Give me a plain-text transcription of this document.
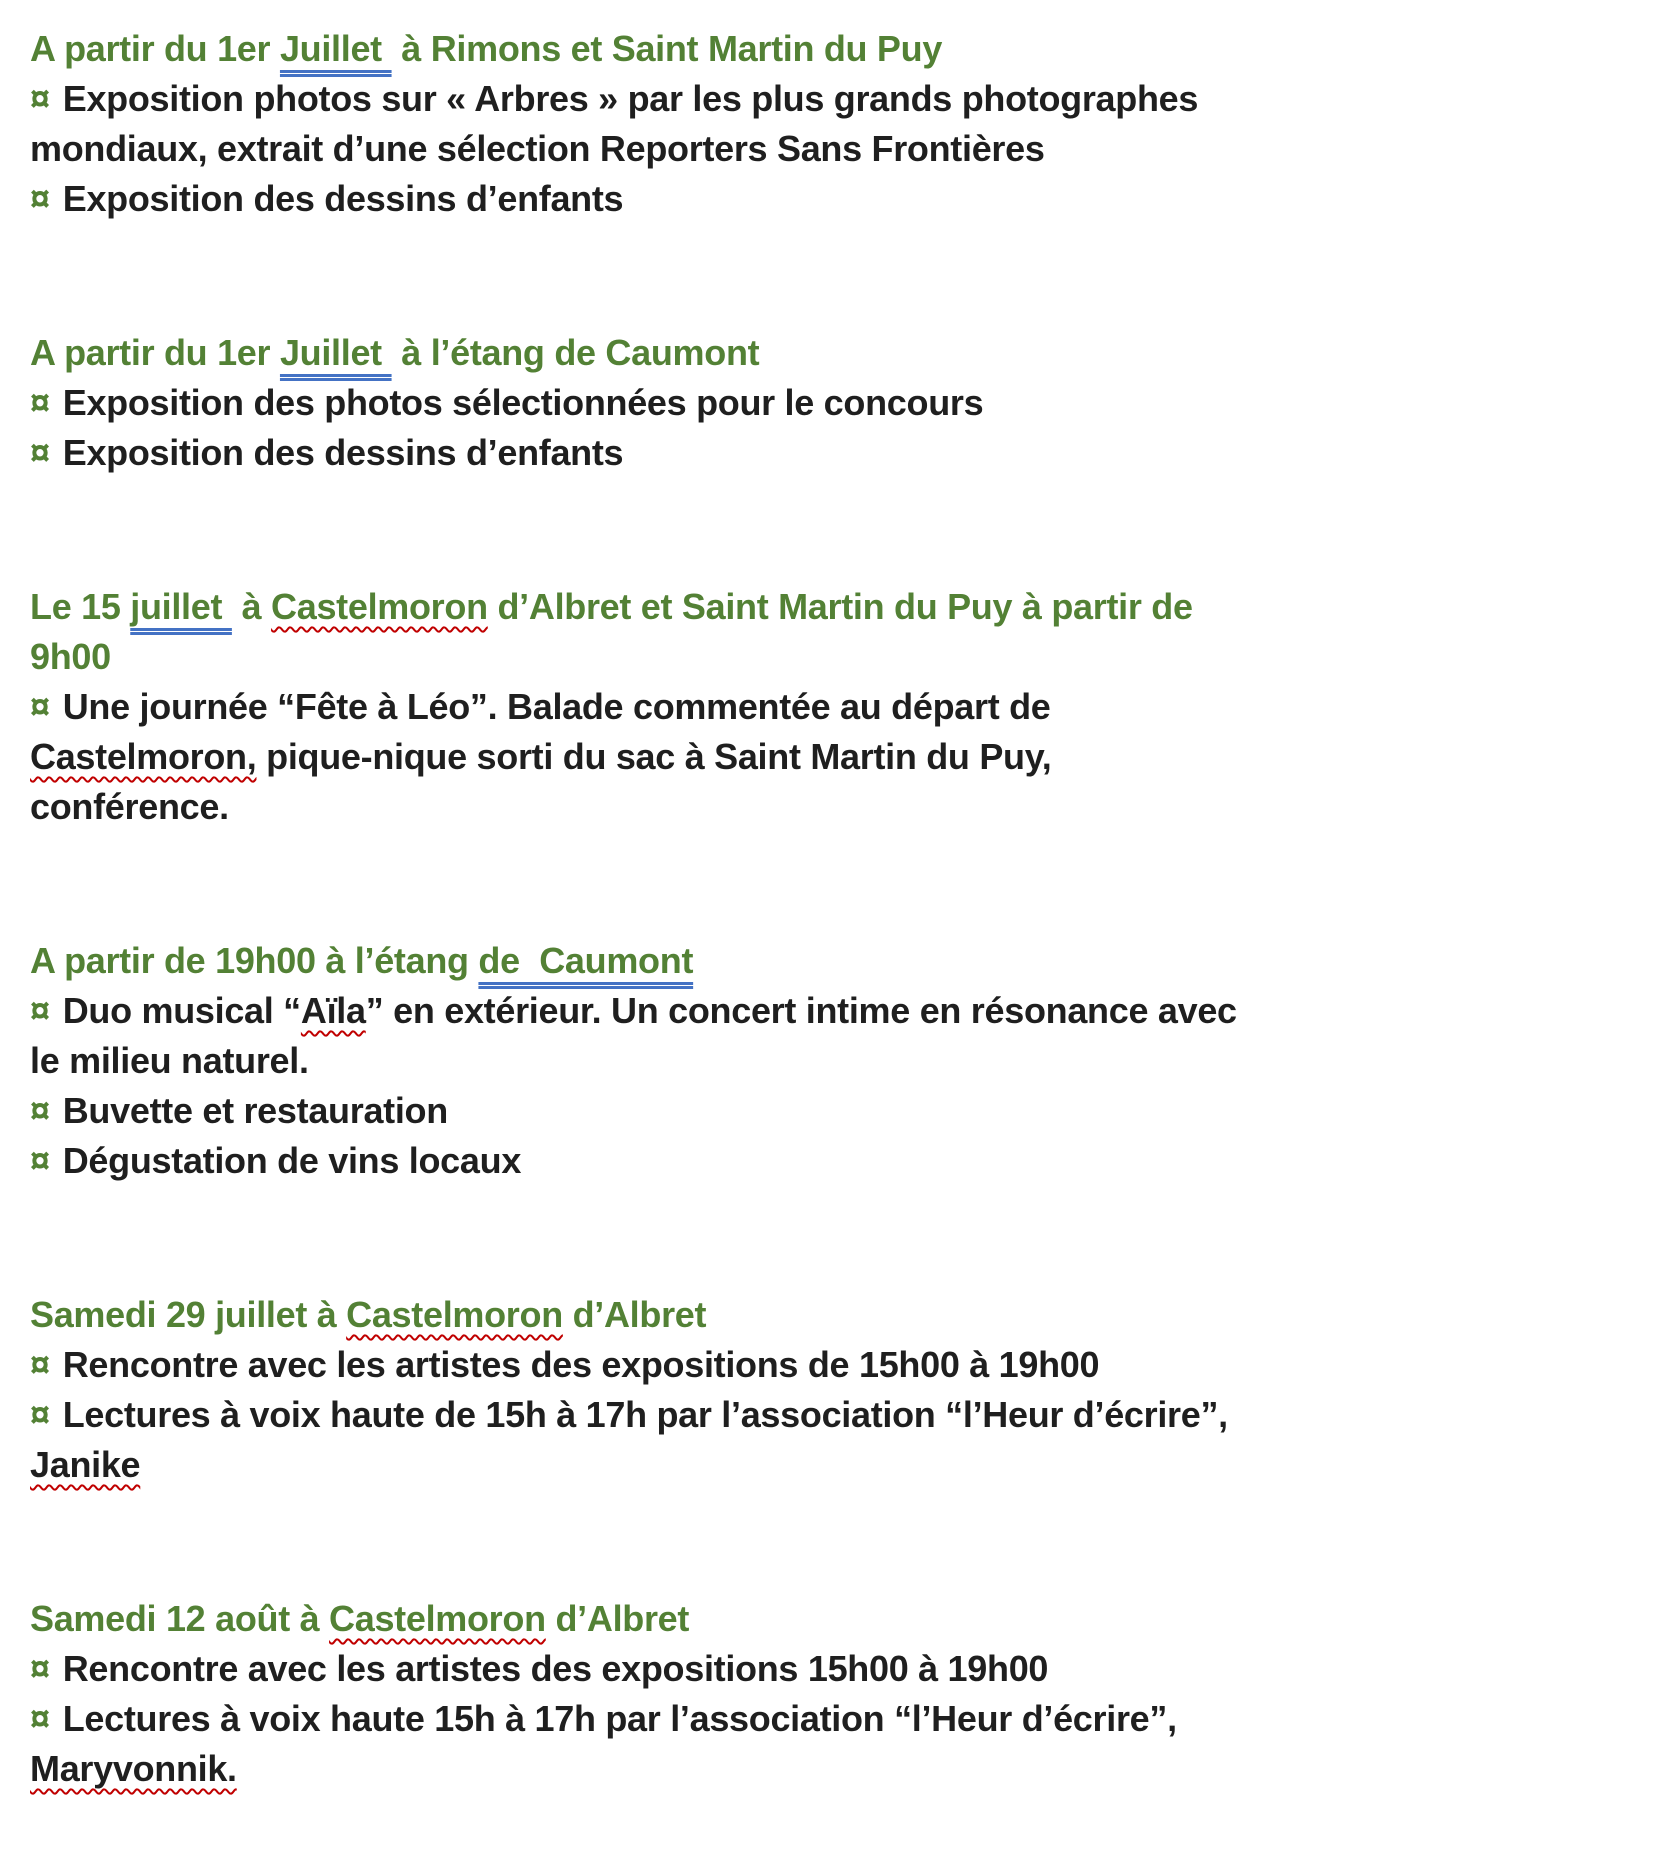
A partir du 1er Juillet  à Rimons et Saint Martin du Puy
¤ Exposition photos sur « Arbres » par les plus grands photographes
mondiaux, extrait d’une sélection Reporters Sans Frontières
¤ Exposition des dessins d’enfants
A partir du 1er Juillet  à l’étang de Caumont
¤ Exposition des photos sélectionnées pour le concours
¤ Exposition des dessins d’enfants
Le 15 juillet  à Castelmoron d’Albret et Saint Martin du Puy à partir de
9h00
¤ Une journée “Fête à Léo”. Balade commentée au départ de
Castelmoron, pique-nique sorti du sac à Saint Martin du Puy,
conférence.
A partir de 19h00 à l’étang de  Caumont
¤ Duo musical “Aïla” en extérieur. Un concert intime en résonance avec
le milieu naturel.
¤ Buvette et restauration
¤ Dégustation de vins locaux
Samedi 29 juillet à Castelmoron d’Albret
¤ Rencontre avec les artistes des expositions de 15h00 à 19h00
¤ Lectures à voix haute de 15h à 17h par l’association “l’Heur d’écrire”,
Janike
Samedi 12 août à Castelmoron d’Albret
¤ Rencontre avec les artistes des expositions 15h00 à 19h00
¤ Lectures à voix haute 15h à 17h par l’association “l’Heur d’écrire”,
Maryvonnik.
